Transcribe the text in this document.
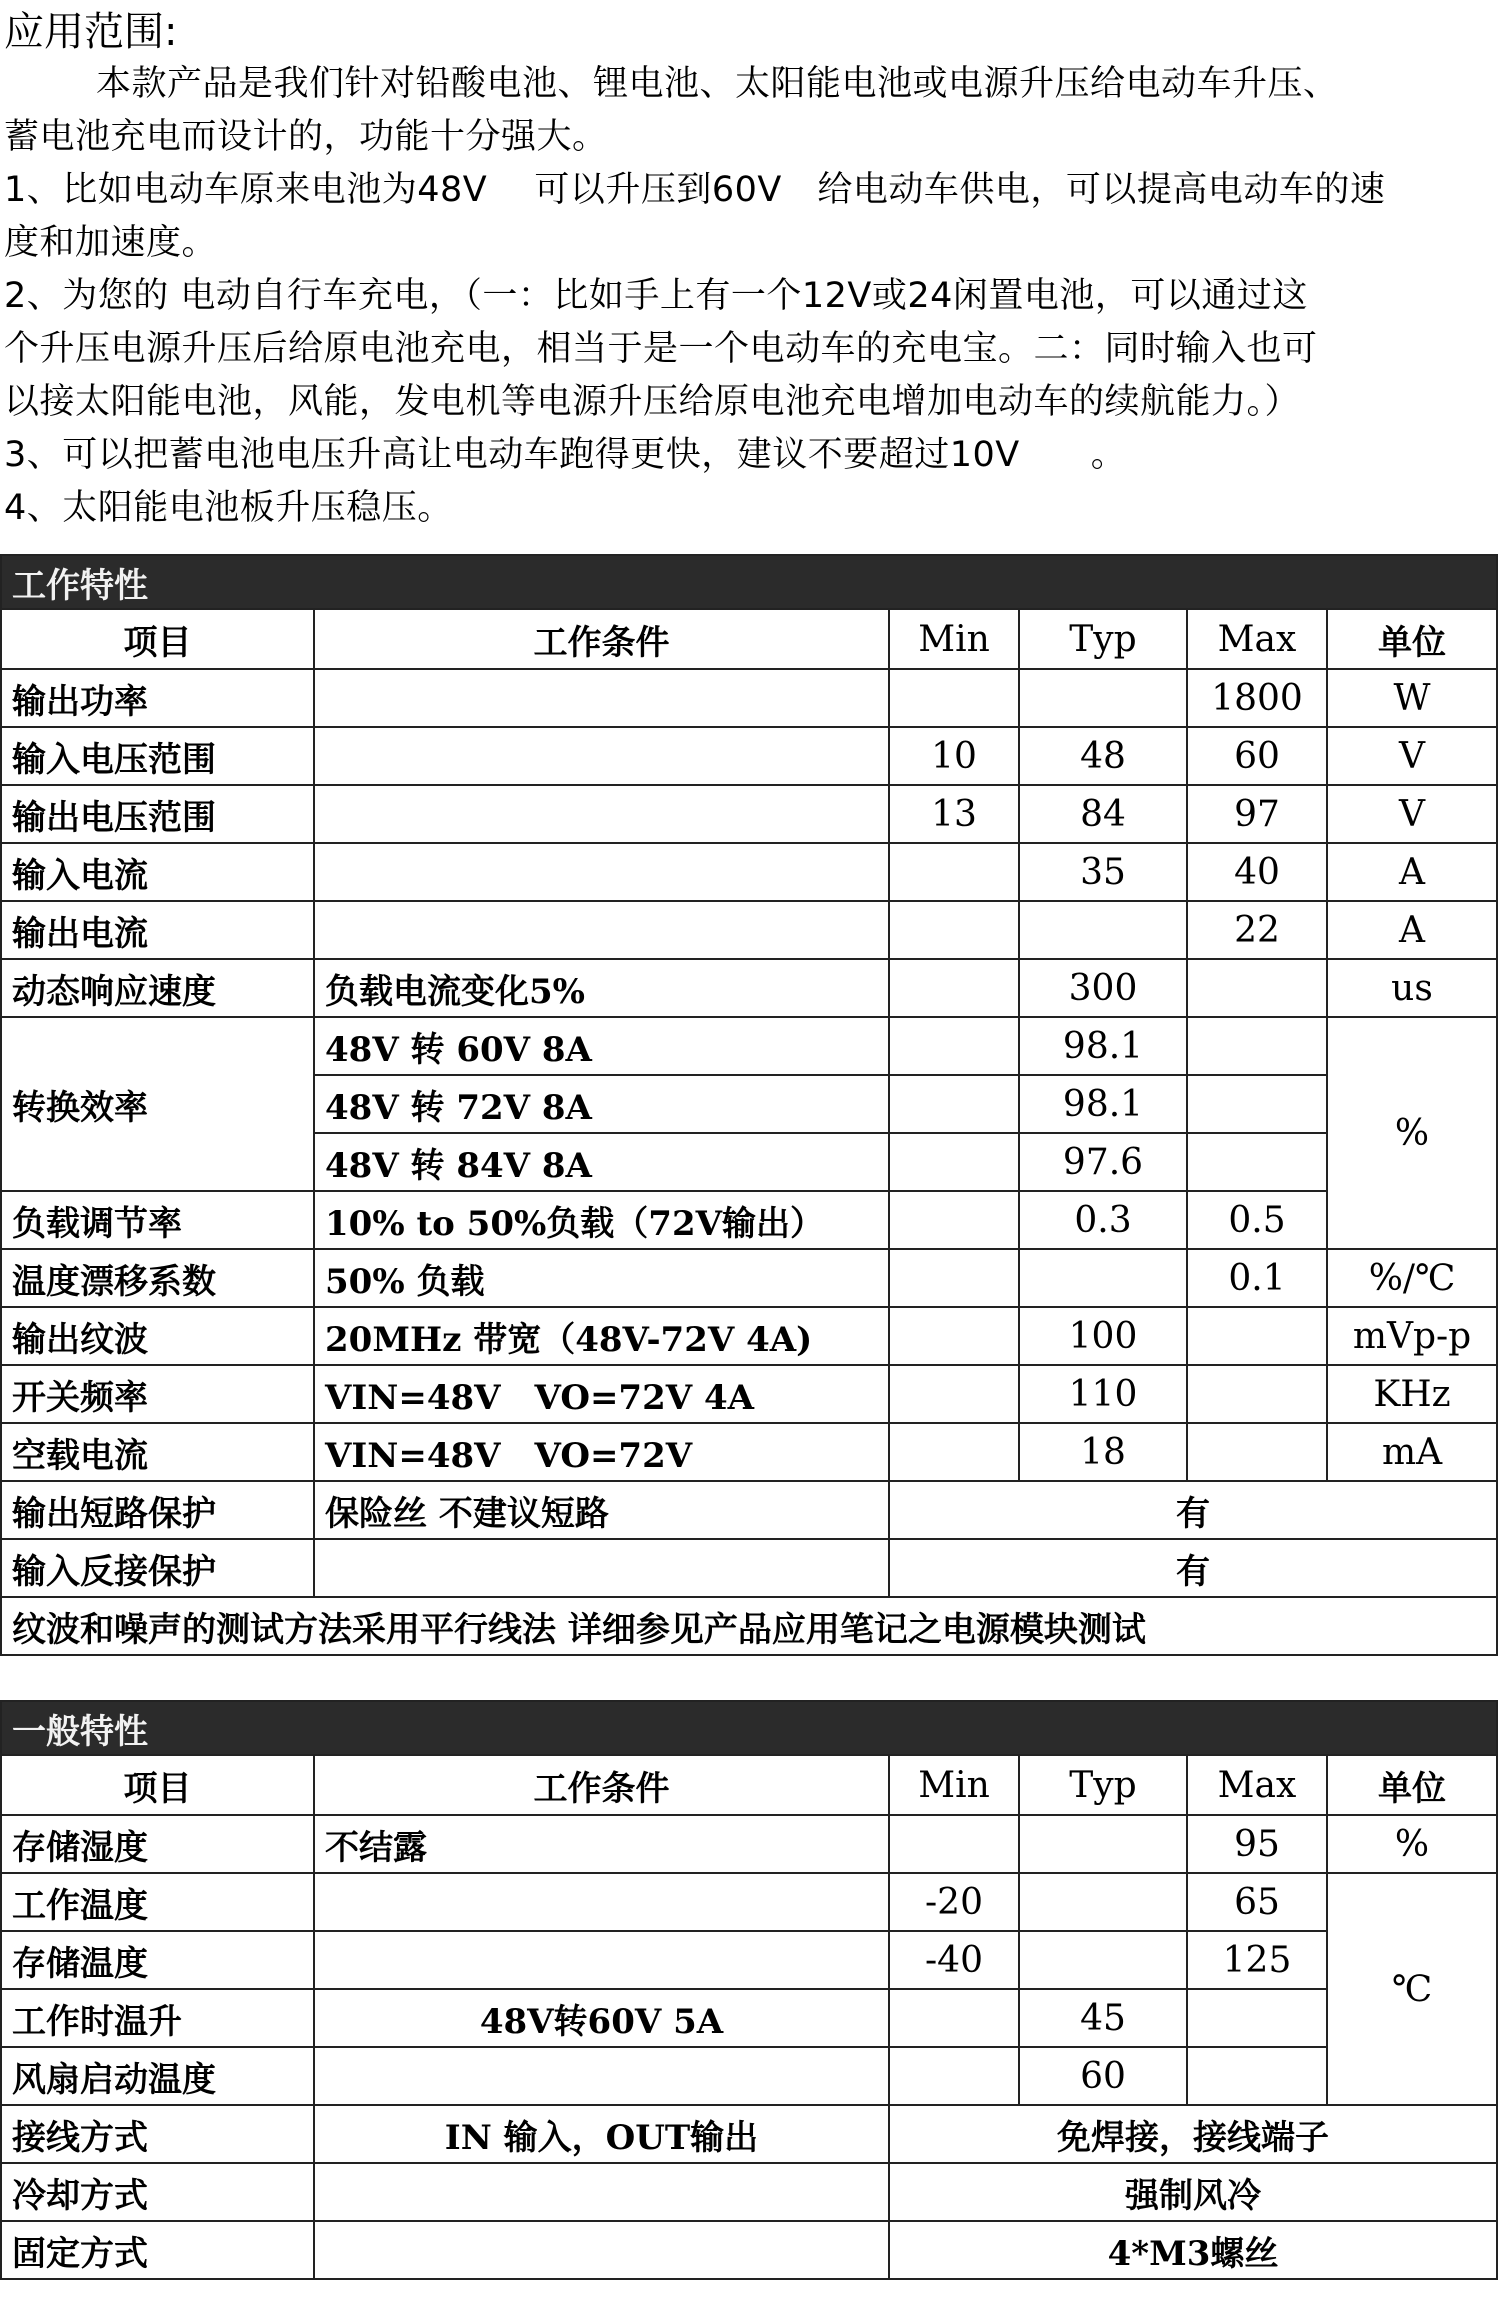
应用范围:

本款产品是我们针对铅酸电池、锂电池、太阳能电池或电源升压给电动车升压、

蓄电池充电而设计的，功能十分强大。

1、比如电动车原来电池为48V　 可以升压到60V　给电动车供电，可以提高电动车的速

度和加速度。

2、为您的 电动自行车充电，（一：比如手上有一个12V或24闲置电池，可以通过这

个升压电源升压后给原电池充电，相当于是一个电动车的充电宝。二：同时输入也可

以接太阳能电池，风能，发电机等电源升压给原电池充电增加电动车的续航能力。）

3、可以把蓄电池电压升高让电动车跑得更快，建议不要超过10V　　。

4、太阳能电池板升压稳压。

工作特性					
项目	工作条件	Min	Typ	Max	单位
输出功率				1800	W
输入电压范围		10	48	60	V
输出电压范围		13	84	97	V
输入电流			35	40	A
输出电流				22	A
动态响应速度	负载电流变化5%		300		us
转换效率	48V 转 60V 8A		98.1		%
	48V 转 72V 8A		98.1		
	48V 转 84V 8A		97.6		
负载调节率	10% to 50%负载（72V输出）		0.3	0.5	
温度漂移系数	50% 负载			0.1	%/℃
输出纹波	20MHz 带宽（48V-72V 4A)		100		mVp-p
开关频率	VIN=48V　VO=72V 4A		110		KHz
空载电流	VIN=48V　VO=72V		18		mA
输出短路保护	保险丝 不建议短路	有			
输入反接保护		有			
纹波和噪声的测试方法采用平行线法 详细参见产品应用笔记之电源模块测试					
一般特性					
项目	工作条件	Min	Typ	Max	单位
存储湿度	不结露			95	%
工作温度		-20		65	℃
存储温度		-40		125	
工作时温升	48V转60V 5A		45		
风扇启动温度			60		
接线方式	IN 输入，OUT输出	免焊接，接线端子			
冷却方式		强制风冷			
固定方式		4*M3螺丝			
